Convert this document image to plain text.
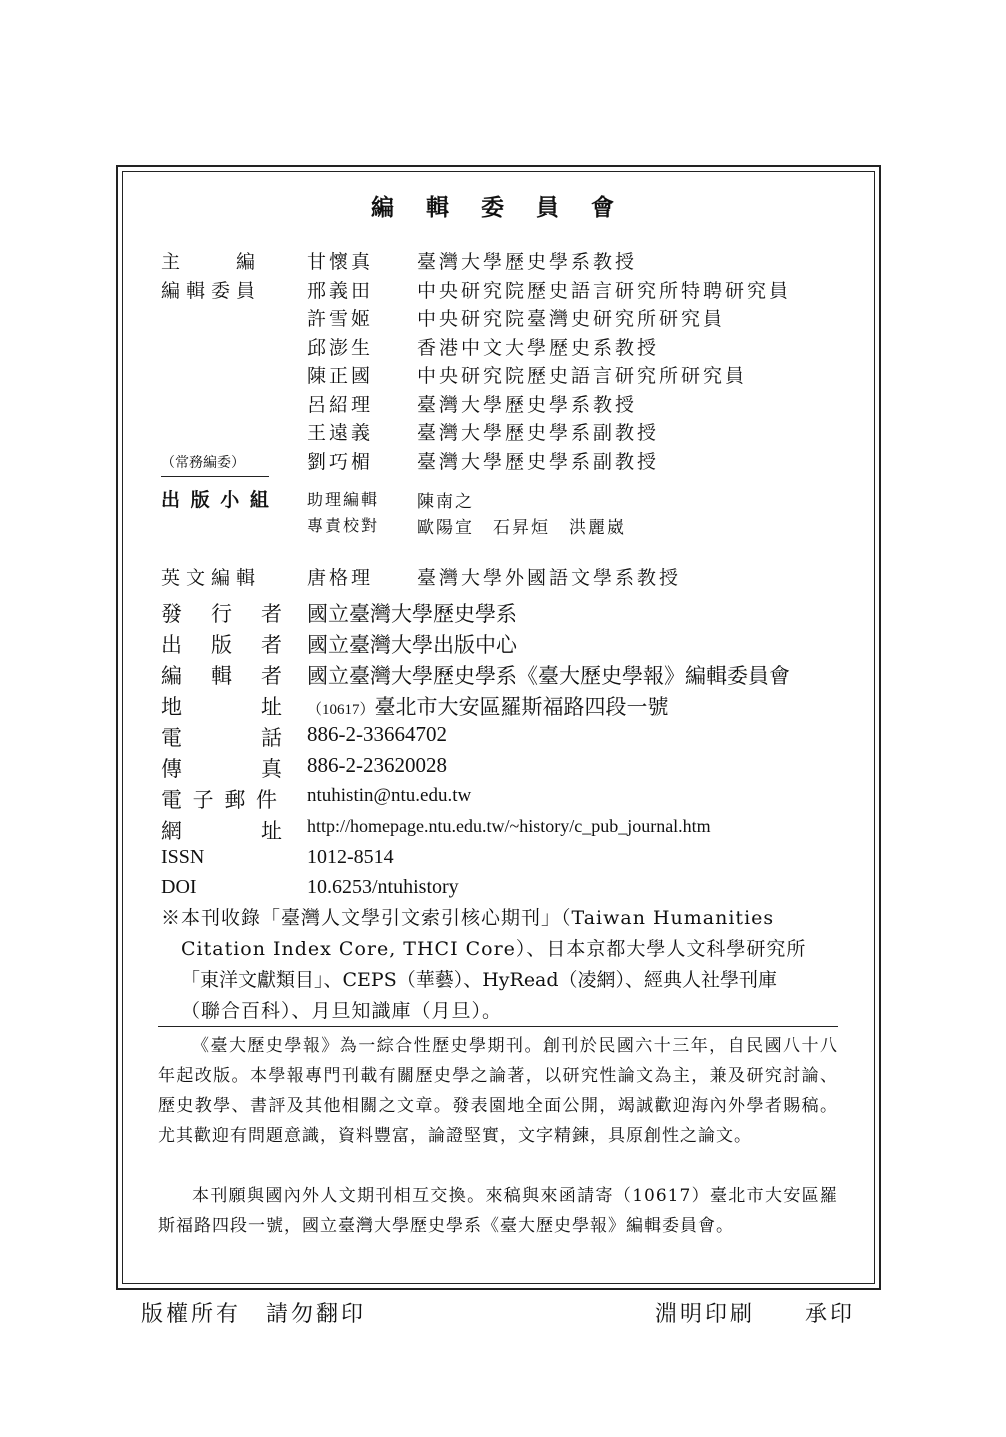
編 輯 委 員 會
主　　編 甘懷真 臺灣大學歷史學系教授
編輯委員 邢義田 中央研究院歷史語言研究所特聘研究員
許雪姬 中央研究院臺灣史研究所研究員
邱澎生 香港中文大學歷史系教授
陳正國 中央研究院歷史語言研究所研究員
呂紹理 臺灣大學歷史學系教授
王遠義 臺灣大學歷史學系副教授
（常務編委）	劉巧楣 臺灣大學歷史學系副教授
出 版 小 組 助理編輯 陳南之
專責校對 歐陽宣　石昇烜　洪麗崴
英文編輯 唐格理 臺灣大學外國語文學系教授
發　行　者 國立臺灣大學歷史學系
出　版　者 國立臺灣大學出版中心
編　輯　者 國立臺灣大學歷史學系《臺大歷史學報》編輯委員會
地　　　址 （10617）臺北市大安區羅斯福路四段一號
電　　　話 886-2-33664702
傳　　　真 886-2-23620028
電 子 郵 件 ntuhistin@ntu.edu.tw
網　　　址 http://homepage.ntu.edu.tw/~history/c_pub_journal.htm
ISSN	1012-8514
DOI	10.6253/ntuhistory
※本刊收錄「臺灣人文學引文索引核心期刊」（Taiwan Humanities
Citation Index Core, THCI Core）、日本京都大學人文科學研究所
「東洋文獻類目」、CEPS（華藝）、HyRead（凌網）、經典人社學刊庫
（聯合百科）、月旦知識庫（月旦）。
《臺大歷史學報》為一綜合性歷史學期刊。創刊於民國六十三年，自民國八十八年起改版。本學報專門刊載有關歷史學之論著，以研究性論文為主，兼及研究討論、歷史教學、書評及其他相關之文章。發表園地全面公開，竭誠歡迎海內外學者賜稿。尤其歡迎有問題意識，資料豐富，論證堅實，文字精鍊，具原創性之論文。
本刊願與國內外人文期刊相互交換。來稿與來函請寄（10617）臺北市大安區羅斯福路四段一號，國立臺灣大學歷史學系《臺大歷史學報》編輯委員會。
版權所有　請勿翻印	淵明印刷　　承印
